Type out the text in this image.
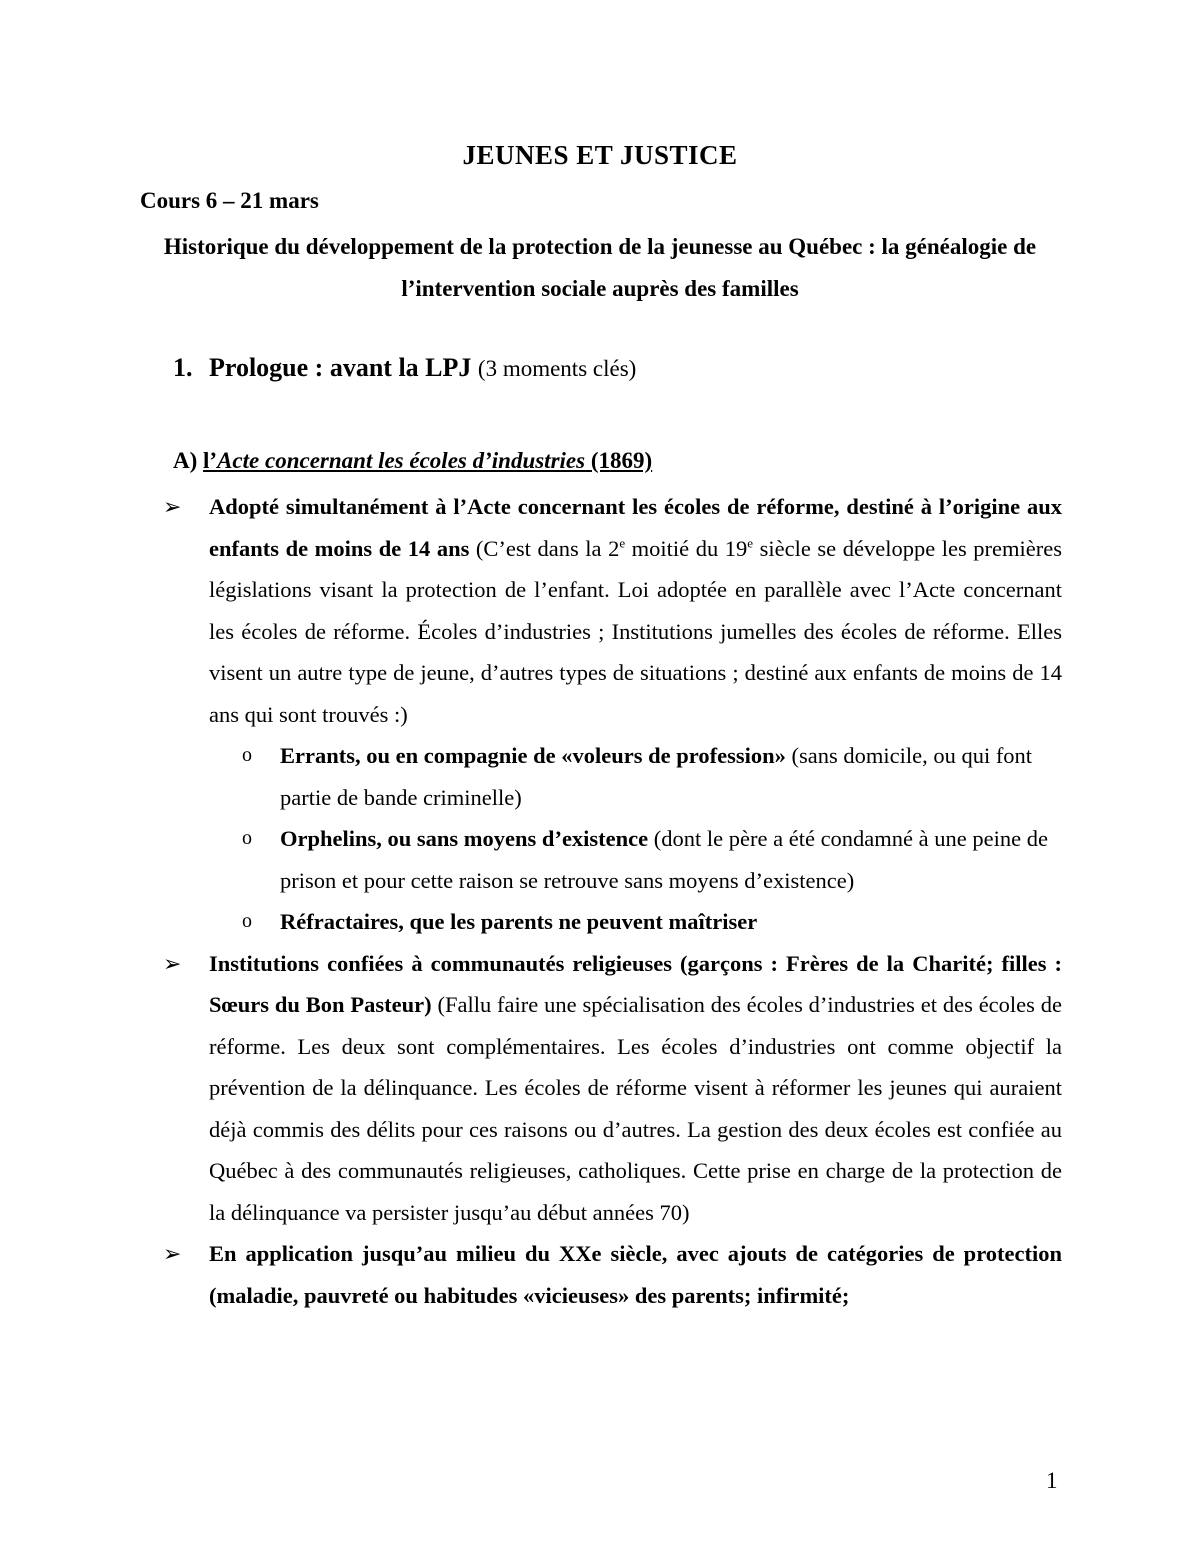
JEUNES ET JUSTICE
Cours 6 – 21 mars
Historique du développement de la protection de la jeunesse au Québec : la généalogie de l’intervention sociale auprès des familles
1. Prologue : avant la LPJ (3 moments clés)
A) l’Acte concernant les écoles d’industries (1869)
➢ Adopté simultanément à l’Acte concernant les écoles de réforme, destiné à l’origine aux enfants de moins de 14 ans (C’est dans la 2e moitié du 19e siècle se développe les premières législations visant la protection de l’enfant. Loi adoptée en parallèle avec l’Acte concernant les écoles de réforme. Écoles d’industries ; Institutions jumelles des écoles de réforme. Elles visent un autre type de jeune, d’autres types de situations ; destiné aux enfants de moins de 14 ans qui sont trouvés :)
o Errants, ou en compagnie de «voleurs de profession» (sans domicile, ou qui font partie de bande criminelle)
o Orphelins, ou sans moyens d’existence (dont le père a été condamné à une peine de prison et pour cette raison se retrouve sans moyens d’existence)
o Réfractaires, que les parents ne peuvent maîtriser
➢ Institutions confiées à communautés religieuses (garçons : Frères de la Charité; filles : Sœurs du Bon Pasteur) (Fallu faire une spécialisation des écoles d’industries et des écoles de réforme. Les deux sont complémentaires. Les écoles d’industries ont comme objectif la prévention de la délinquance. Les écoles de réforme visent à réformer les jeunes qui auraient déjà commis des délits pour ces raisons ou d’autres. La gestion des deux écoles est confiée au Québec à des communautés religieuses, catholiques. Cette prise en charge de la protection de la délinquance va persister jusqu’au début années 70)
➢ En application jusqu’au milieu du XXe siècle, avec ajouts de catégories de protection (maladie, pauvreté ou habitudes «vicieuses» des parents; infirmité;
1
